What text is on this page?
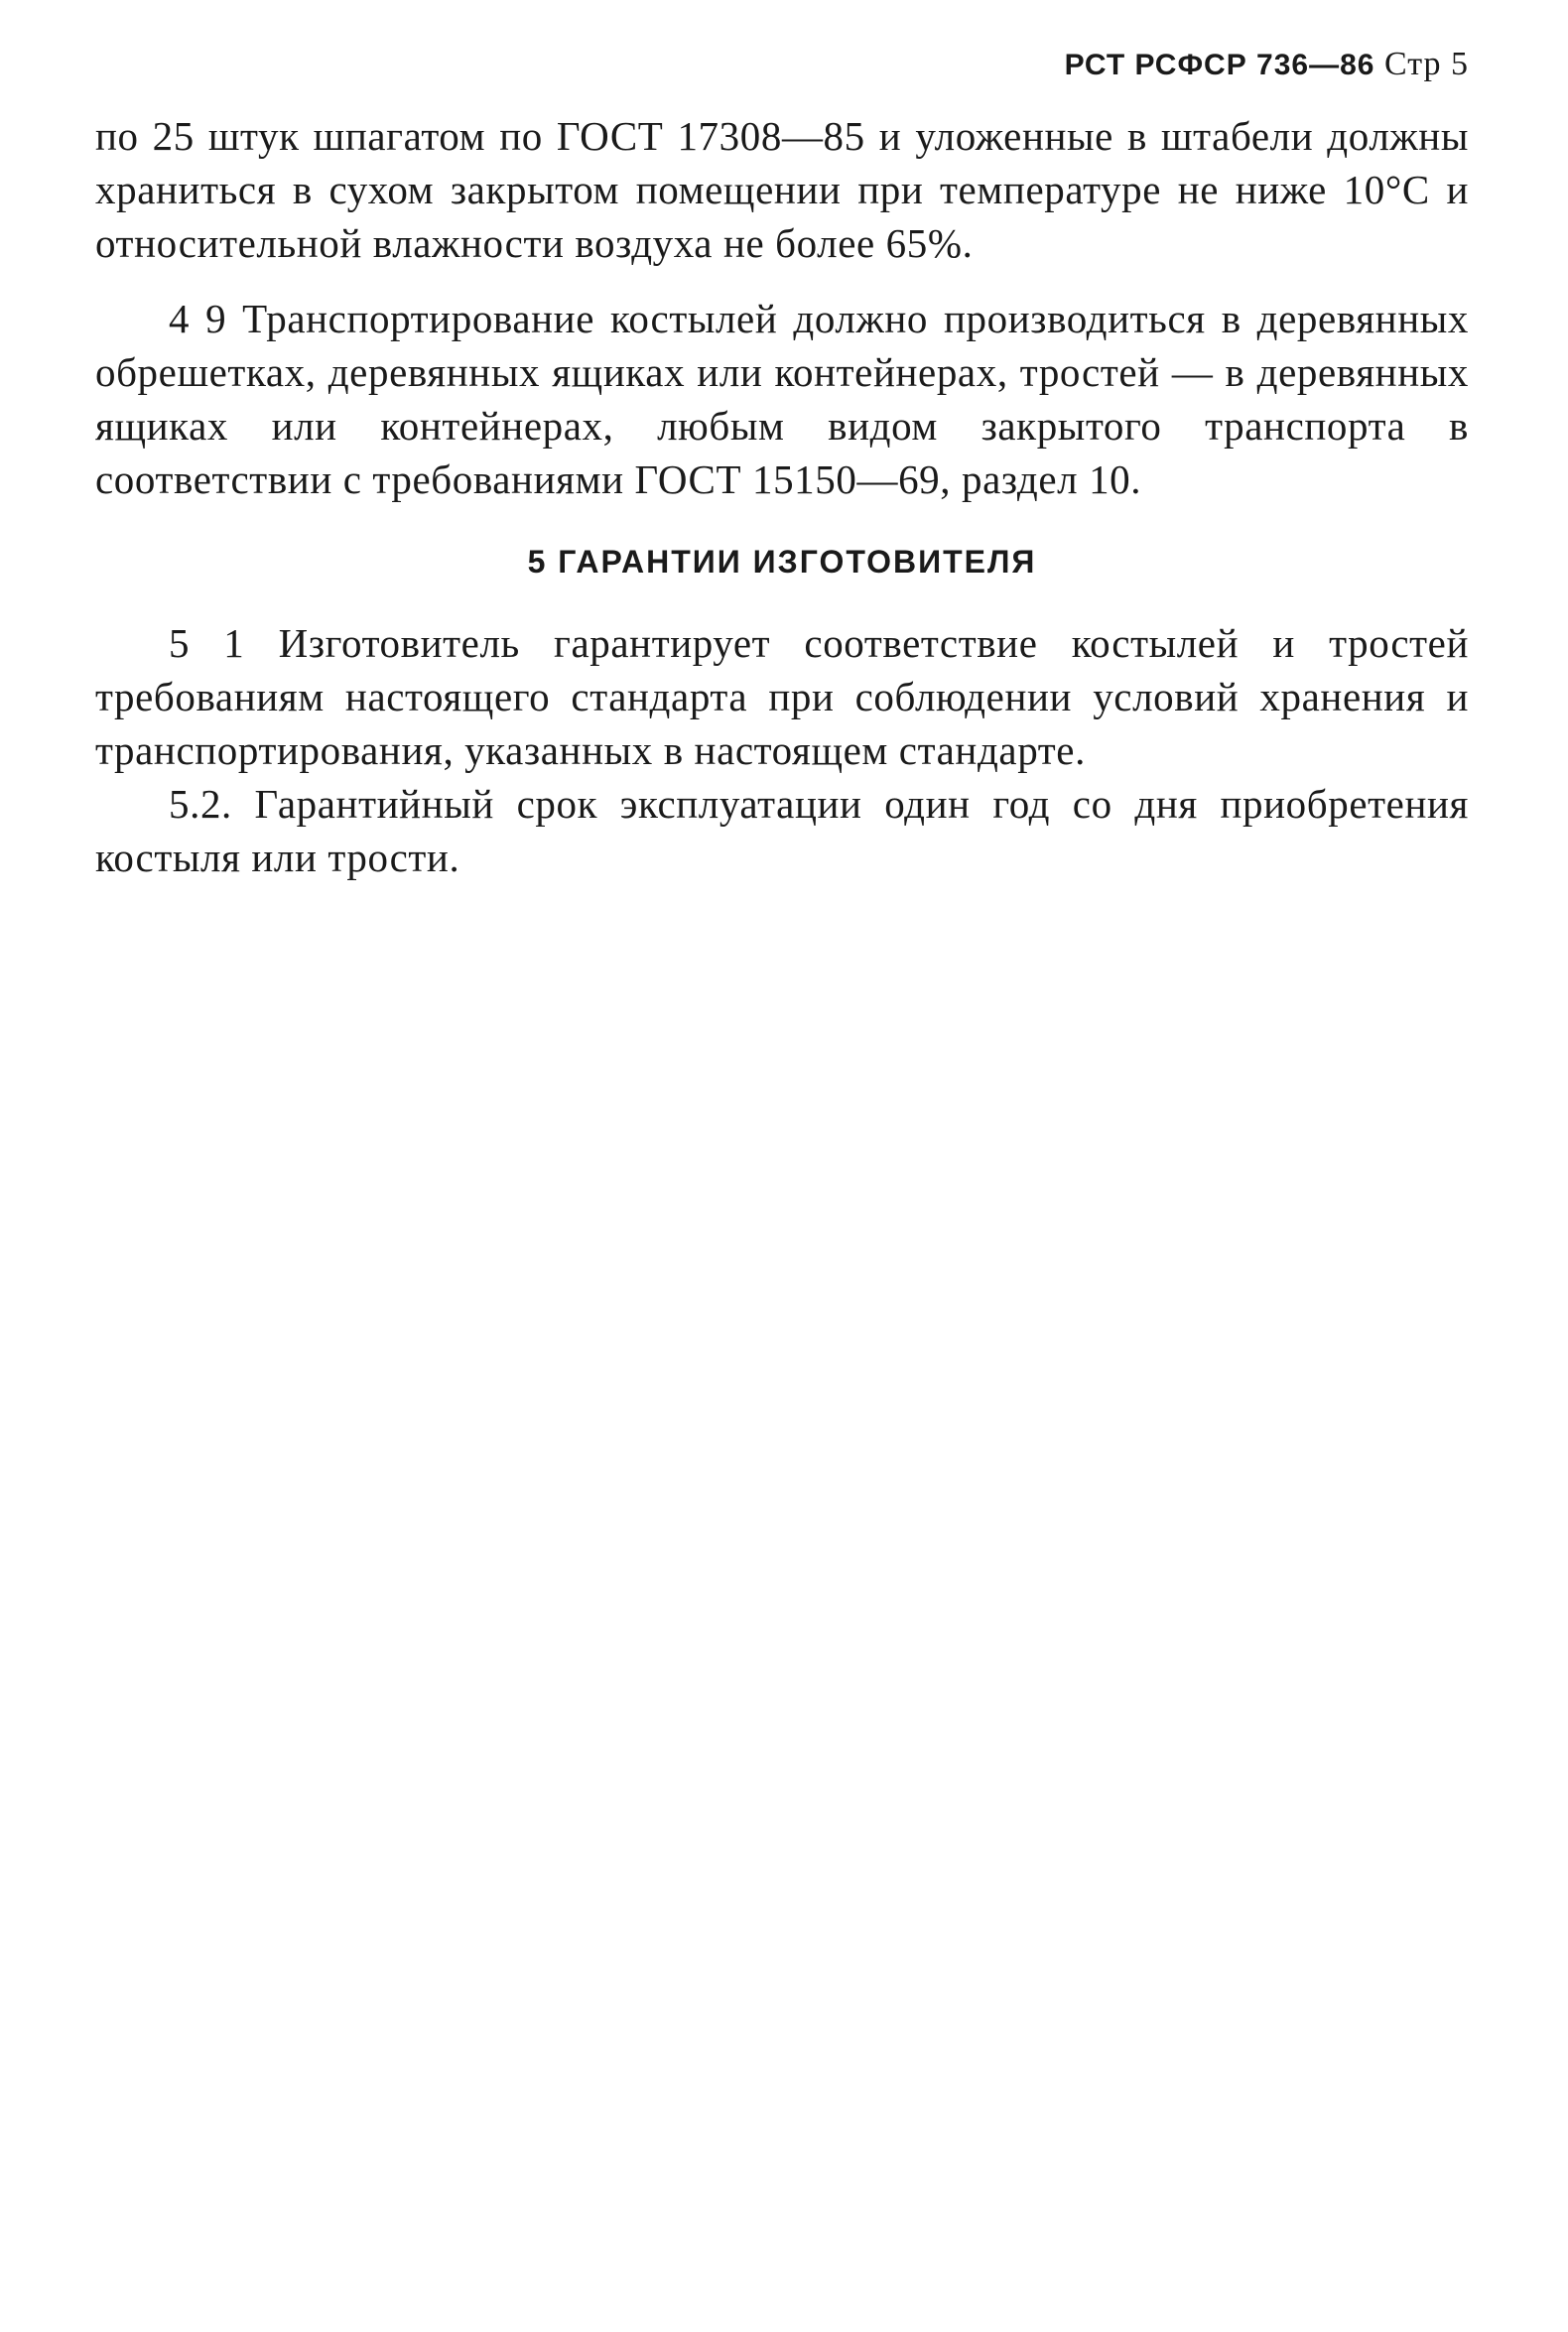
РСТ РСФСР 736—86 Стр 5

по 25 штук шпагатом по ГОСТ 17308—85 и уложенные в штабели должны храниться в сухом закрытом помещении при температуре не ниже 10°С и относительной влажности воздуха не более 65%.

4 9 Транспортирование костылей должно производиться в деревянных обрешетках, деревянных ящиках или контейнерах, тростей — в деревянных ящиках или контейнерах, любым видом закрытого транспорта в соответствии с требованиями ГОСТ 15150—69, раздел 10.

5 ГАРАНТИИ ИЗГОТОВИТЕЛЯ

5 1 Изготовитель гарантирует соответствие костылей и тростей требованиям настоящего стандарта при соблюдении условий хранения и транспортирования, указанных в настоящем стандарте.

5.2. Гарантийный срок эксплуатации один год со дня приобретения костыля или трости.
